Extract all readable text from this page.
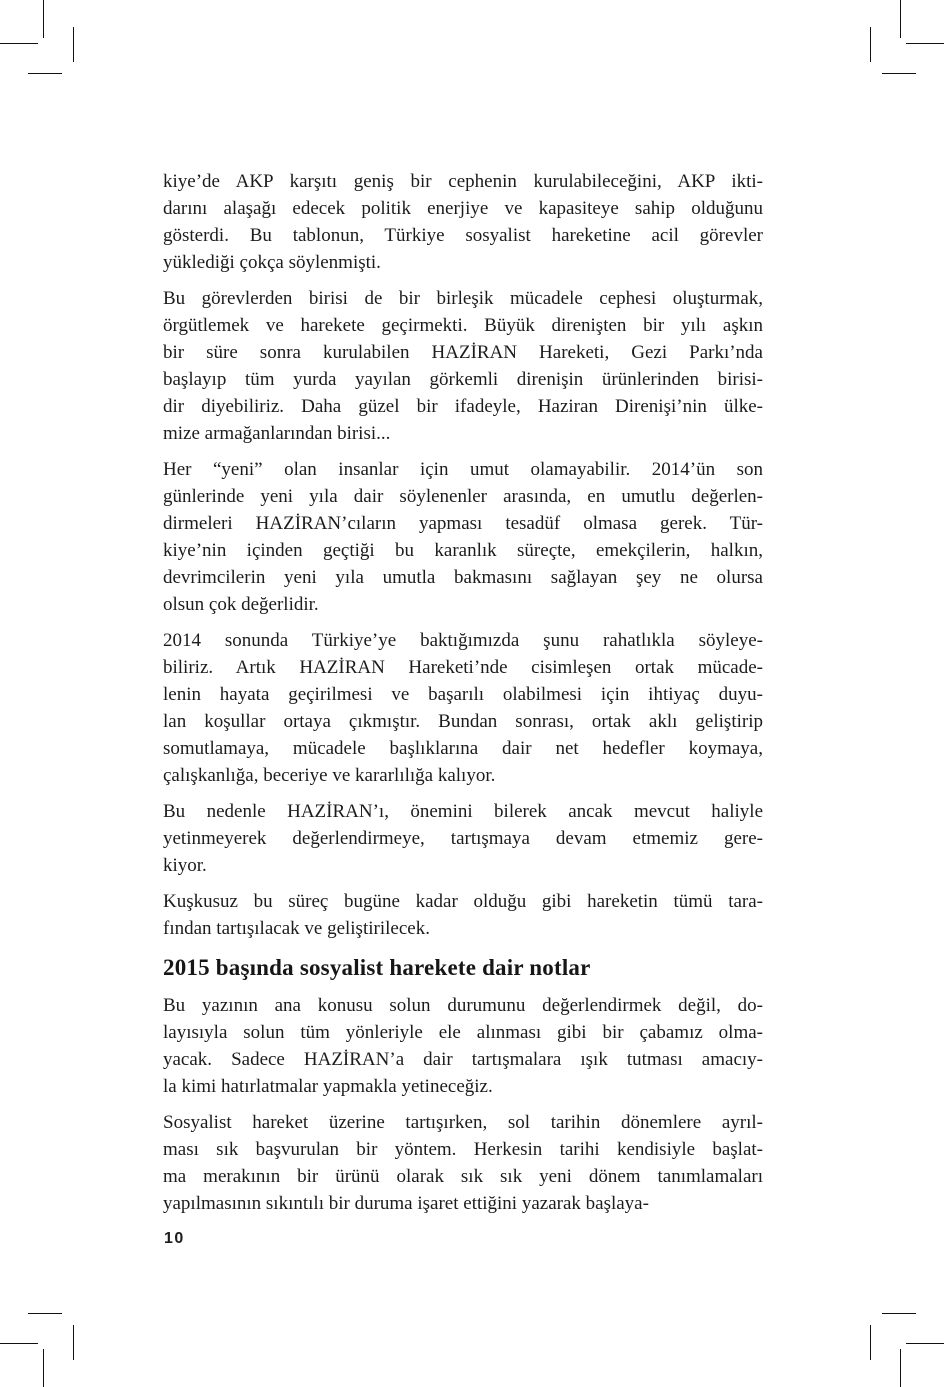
kiye’de AKP karşıtı geniş bir cephenin kurulabileceğini, AKP ikti-
darını alaşağı edecek politik enerjiye ve kapasiteye sahip olduğunu
gösterdi. Bu tablonun, Türkiye sosyalist hareketine acil görevler
yüklediği çokça söylenmişti.
Bu görevlerden birisi de bir birleşik mücadele cephesi oluşturmak,
örgütlemek ve harekete geçirmekti. Büyük direnişten bir yılı aşkın
bir süre sonra kurulabilen HAZİRAN Hareketi, Gezi Parkı’nda
başlayıp tüm yurda yayılan görkemli direnişin ürünlerinden birisi-
dir diyebiliriz. Daha güzel bir ifadeyle, Haziran Direnişi’nin ülke-
mize armağanlarından birisi...
Her “yeni” olan insanlar için umut olamayabilir. 2014’ün son
günlerinde yeni yıla dair söylenenler arasında, en umutlu değerlen-
dirmeleri HAZİRAN’cıların yapması tesadüf olmasa gerek. Tür-
kiye’nin içinden geçtiği bu karanlık süreçte, emekçilerin, halkın,
devrimcilerin yeni yıla umutla bakmasını sağlayan şey ne olursa
olsun çok değerlidir.
2014 sonunda Türkiye’ye baktığımızda şunu rahatlıkla söyleye-
biliriz. Artık HAZİRAN Hareketi’nde cisimleşen ortak mücade-
lenin hayata geçirilmesi ve başarılı olabilmesi için ihtiyaç duyu-
lan koşullar ortaya çıkmıştır. Bundan sonrası, ortak aklı geliştirip
somutlamaya, mücadele başlıklarına dair net hedefler koymaya,
çalışkanlığa, beceriye ve kararlılığa kalıyor.
Bu nedenle HAZİRAN’ı, önemini bilerek ancak mevcut haliyle
yetinmeyerek değerlendirmeye, tartışmaya devam etmemiz gere-
kiyor.
Kuşkusuz bu süreç bugüne kadar olduğu gibi hareketin tümü tara-
fından tartışılacak ve geliştirilecek.
2015 başında sosyalist harekete dair notlar
Bu yazının ana konusu solun durumunu değerlendirmek değil, do-
layısıyla solun tüm yönleriyle ele alınması gibi bir çabamız olma-
yacak. Sadece HAZİRAN’a dair tartışmalara ışık tutması amacıy-
la kimi hatırlatmalar yapmakla yetineceğiz.
Sosyalist hareket üzerine tartışırken, sol tarihin dönemlere ayrıl-
ması sık başvurulan bir yöntem. Herkesin tarihi kendisiyle başlat-
ma merakının bir ürünü olarak sık sık yeni dönem tanımlamaları
yapılmasının sıkıntılı bir duruma işaret ettiğini yazarak başlaya-
10
